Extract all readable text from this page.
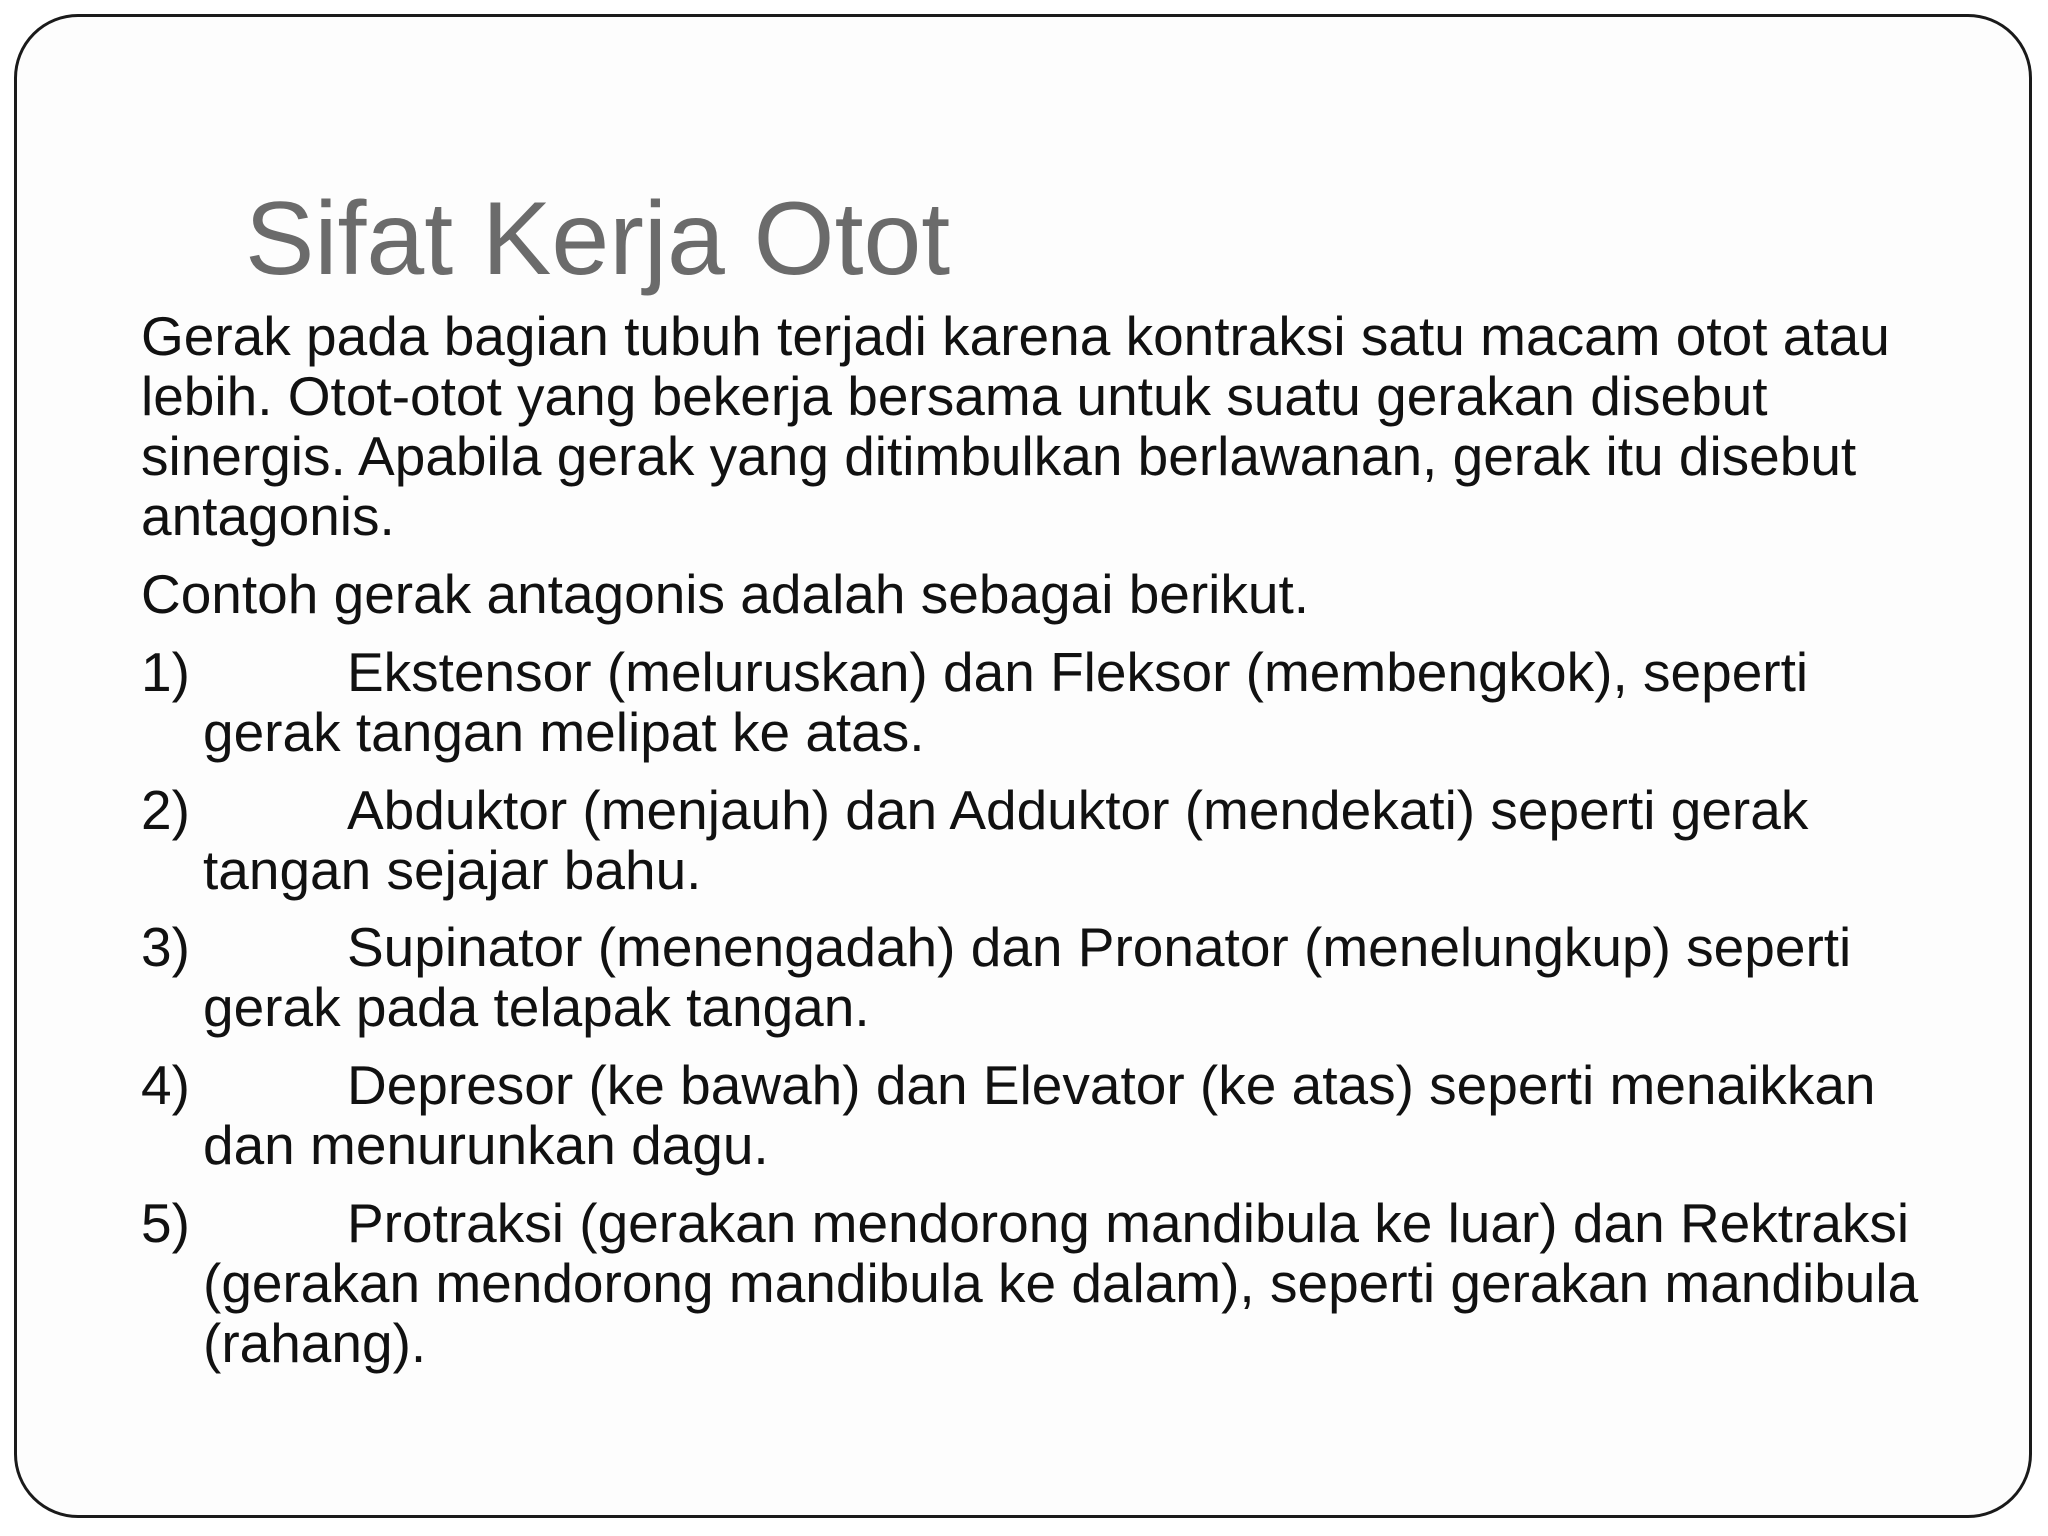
Sifat Kerja Otot

Gerak pada bagian tubuh terjadi karena kontraksi satu macam otot atau lebih. Otot-otot yang bekerja bersama untuk suatu gerakan disebut sinergis. Apabila gerak yang ditimbulkan berlawanan, gerak itu disebut antagonis.

Contoh gerak antagonis adalah sebagai berikut.

1)	Ekstensor (meluruskan) dan Fleksor (membengkok), seperti gerak tangan melipat ke atas.
2)	Abduktor (menjauh) dan Adduktor (mendekati) seperti gerak tangan sejajar bahu.
3)	Supinator (menengadah) dan Pronator (menelungkup) seperti gerak pada telapak tangan.
4)	Depresor (ke bawah) dan Elevator (ke atas) seperti menaikkan dan menurunkan dagu.
5)	Protraksi (gerakan mendorong mandibula ke luar) dan Rektraksi (gerakan mendorong mandibula ke dalam), seperti gerakan mandibula (rahang).
